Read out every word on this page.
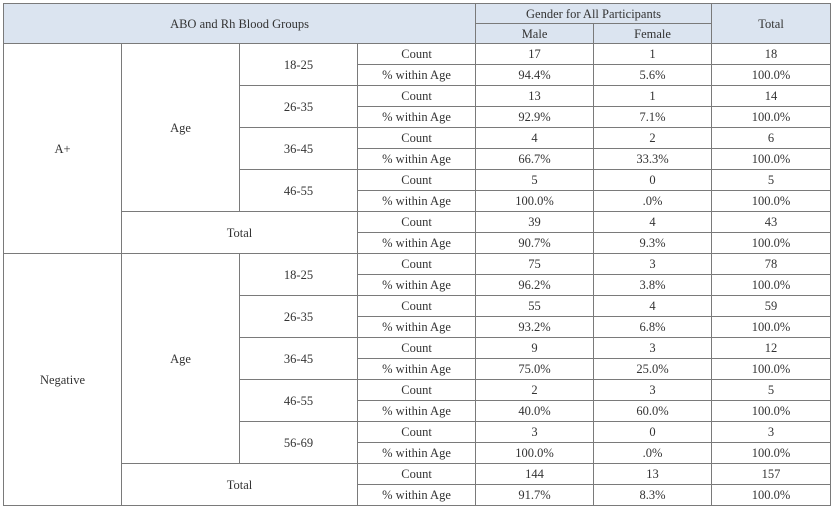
ABO and Rh Blood Groups				Gender for All Participants		Total
				Male	Female	
A+	Age	18-25	Count	17	1	18
			% within Age	94.4%	5.6%	100.0%
		26-35	Count	13	1	14
			% within Age	92.9%	7.1%	100.0%
		36-45	Count	4	2	6
			% within Age	66.7%	33.3%	100.0%
		46-55	Count	5	0	5
			% within Age	100.0%	.0%	100.0%
	Total		Count	39	4	43
			% within Age	90.7%	9.3%	100.0%
Negative	Age	18-25	Count	75	3	78
			% within Age	96.2%	3.8%	100.0%
		26-35	Count	55	4	59
			% within Age	93.2%	6.8%	100.0%
		36-45	Count	9	3	12
			% within Age	75.0%	25.0%	100.0%
		46-55	Count	2	3	5
			% within Age	40.0%	60.0%	100.0%
		56-69	Count	3	0	3
			% within Age	100.0%	.0%	100.0%
	Total		Count	144	13	157
			% within Age	91.7%	8.3%	100.0%
